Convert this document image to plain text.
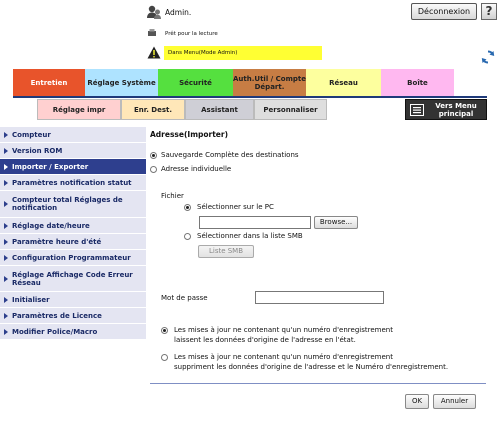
Admin.	Déconnexion	?
Prêt pour la lecture
Dans Menu(Mode Admin)
Entretien	Réglage Système	Sécurité	Auth.Util / Compte Départ.	Réseau	Boîte
Réglage impr	Enr. Dest.	Assistant	Personnaliser	Vers Menu principal
Compteur
Version ROM
Importer / Exporter
Paramètres notification statut
Compteur total Réglages de notification
Réglage date/heure
Paramètre heure d'été
Configuration Programmateur
Réglage Affichage Code Erreur Réseau
Initialiser
Paramètres de Licence
Modifier Police/Macro
Adresse(Importer)
Sauvegarde Complète des destinations
Adresse individuelle
Fichier
Sélectionner sur le PC
Browse...
Sélectionner dans la liste SMB
Liste SMB
Mot de passe
Les mises à jour ne contenant qu'un numéro d'enregistrement
laissent les données d'origine de l'adresse en l'état.
Les mises à jour ne contenant qu'un numéro d'enregistrement
suppriment les données d'origine de l'adresse et le Numéro d'enregistrement.
OK	Annuler
